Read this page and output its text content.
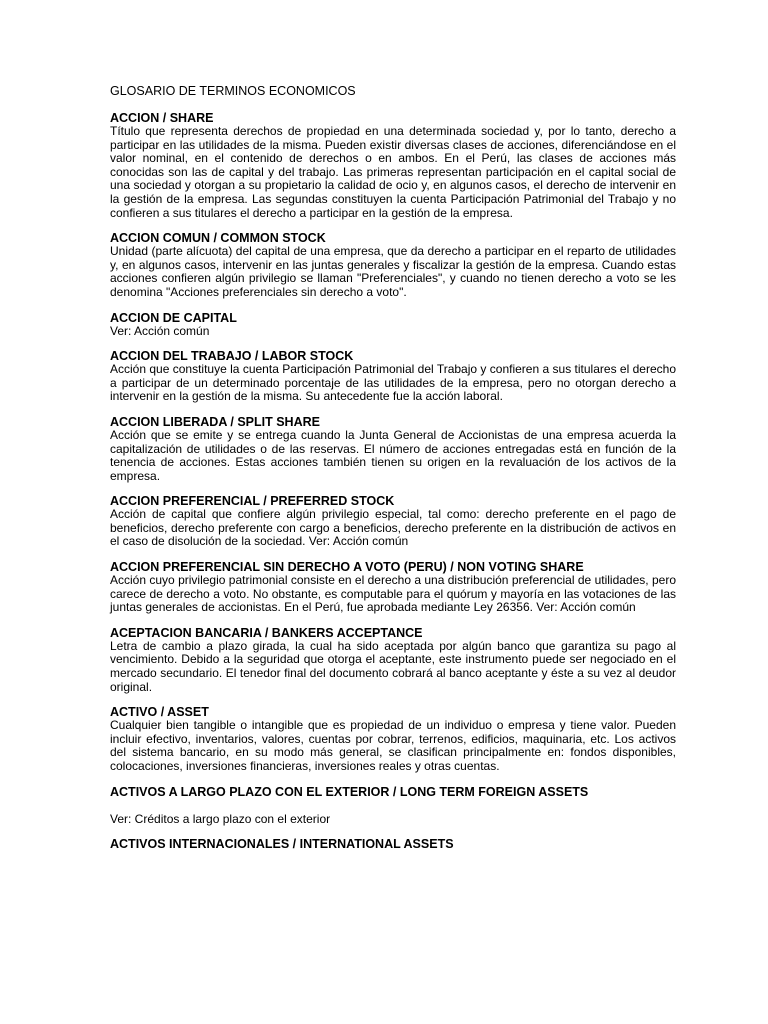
GLOSARIO DE TERMINOS ECONOMICOS
ACCION / SHARE
Título que representa derechos de propiedad en una determinada sociedad y, por lo tanto, derecho a participar en las utilidades de la misma. Pueden existir diversas clases de acciones, diferenciándose en el valor nominal, en el contenido de derechos o en ambos. En el Perú, las clases de acciones más conocidas son las de capital y del trabajo. Las primeras representan participación en el capital social de una sociedad y otorgan a su propietario la calidad de ocio y, en algunos casos, el derecho de intervenir en la gestión de la empresa. Las segundas constituyen la cuenta Participación Patrimonial del Trabajo y no confieren a sus titulares el derecho a participar en la gestión de la empresa.
ACCION COMUN / COMMON STOCK
Unidad (parte alícuota) del capital de una empresa, que da derecho a participar en el reparto de utilidades y, en algunos casos, intervenir en las juntas generales y fiscalizar la gestión de la empresa. Cuando estas acciones confieren algún privilegio se llaman "Preferenciales", y cuando no tienen derecho a voto se les denomina "Acciones preferenciales sin derecho a voto".
ACCION DE CAPITAL
Ver: Acción común
ACCION DEL TRABAJO / LABOR STOCK
Acción que constituye la cuenta Participación Patrimonial del Trabajo y confieren a sus titulares el derecho a participar de un determinado porcentaje de las utilidades de la empresa, pero no otorgan derecho a intervenir en la gestión de la misma. Su antecedente fue la acción laboral.
ACCION LIBERADA / SPLIT SHARE
Acción que se emite y se entrega cuando la Junta General de Accionistas de una empresa acuerda la capitalización de utilidades o de las reservas. El número de acciones entregadas está en función de la tenencia de acciones. Estas acciones también tienen su origen en la revaluación de los activos de la empresa.
ACCION PREFERENCIAL / PREFERRED STOCK
Acción de capital que confiere algún privilegio especial, tal como: derecho preferente en el pago de beneficios, derecho preferente con cargo a beneficios, derecho preferente en la distribución de activos en el caso de disolución de la sociedad. Ver: Acción común
ACCION PREFERENCIAL SIN DERECHO A VOTO (PERU) / NON VOTING SHARE
Acción cuyo privilegio patrimonial consiste en el derecho a una distribución preferencial de utilidades, pero carece de derecho a voto. No obstante, es computable para el quórum y mayoría en las votaciones de las juntas generales de accionistas. En el Perú, fue aprobada mediante Ley 26356. Ver: Acción común
ACEPTACION BANCARIA / BANKERS ACCEPTANCE
Letra de cambio a plazo girada, la cual ha sido aceptada por algún banco que garantiza su pago al vencimiento. Debido a la seguridad que otorga el aceptante, este instrumento puede ser negociado en el mercado secundario. El tenedor final del documento cobrará al banco aceptante y éste a su vez al deudor original.
ACTIVO / ASSET
Cualquier bien tangible o intangible que es propiedad de un individuo o empresa y tiene valor. Pueden incluir efectivo, inventarios, valores, cuentas por cobrar, terrenos, edificios, maquinaria, etc. Los activos del sistema bancario, en su modo más general, se clasifican principalmente en: fondos disponibles, colocaciones, inversiones financieras, inversiones reales y otras cuentas.
ACTIVOS A LARGO PLAZO CON EL EXTERIOR / LONG TERM FOREIGN ASSETS
Ver: Créditos a largo plazo con el exterior
ACTIVOS INTERNACIONALES / INTERNATIONAL ASSETS
